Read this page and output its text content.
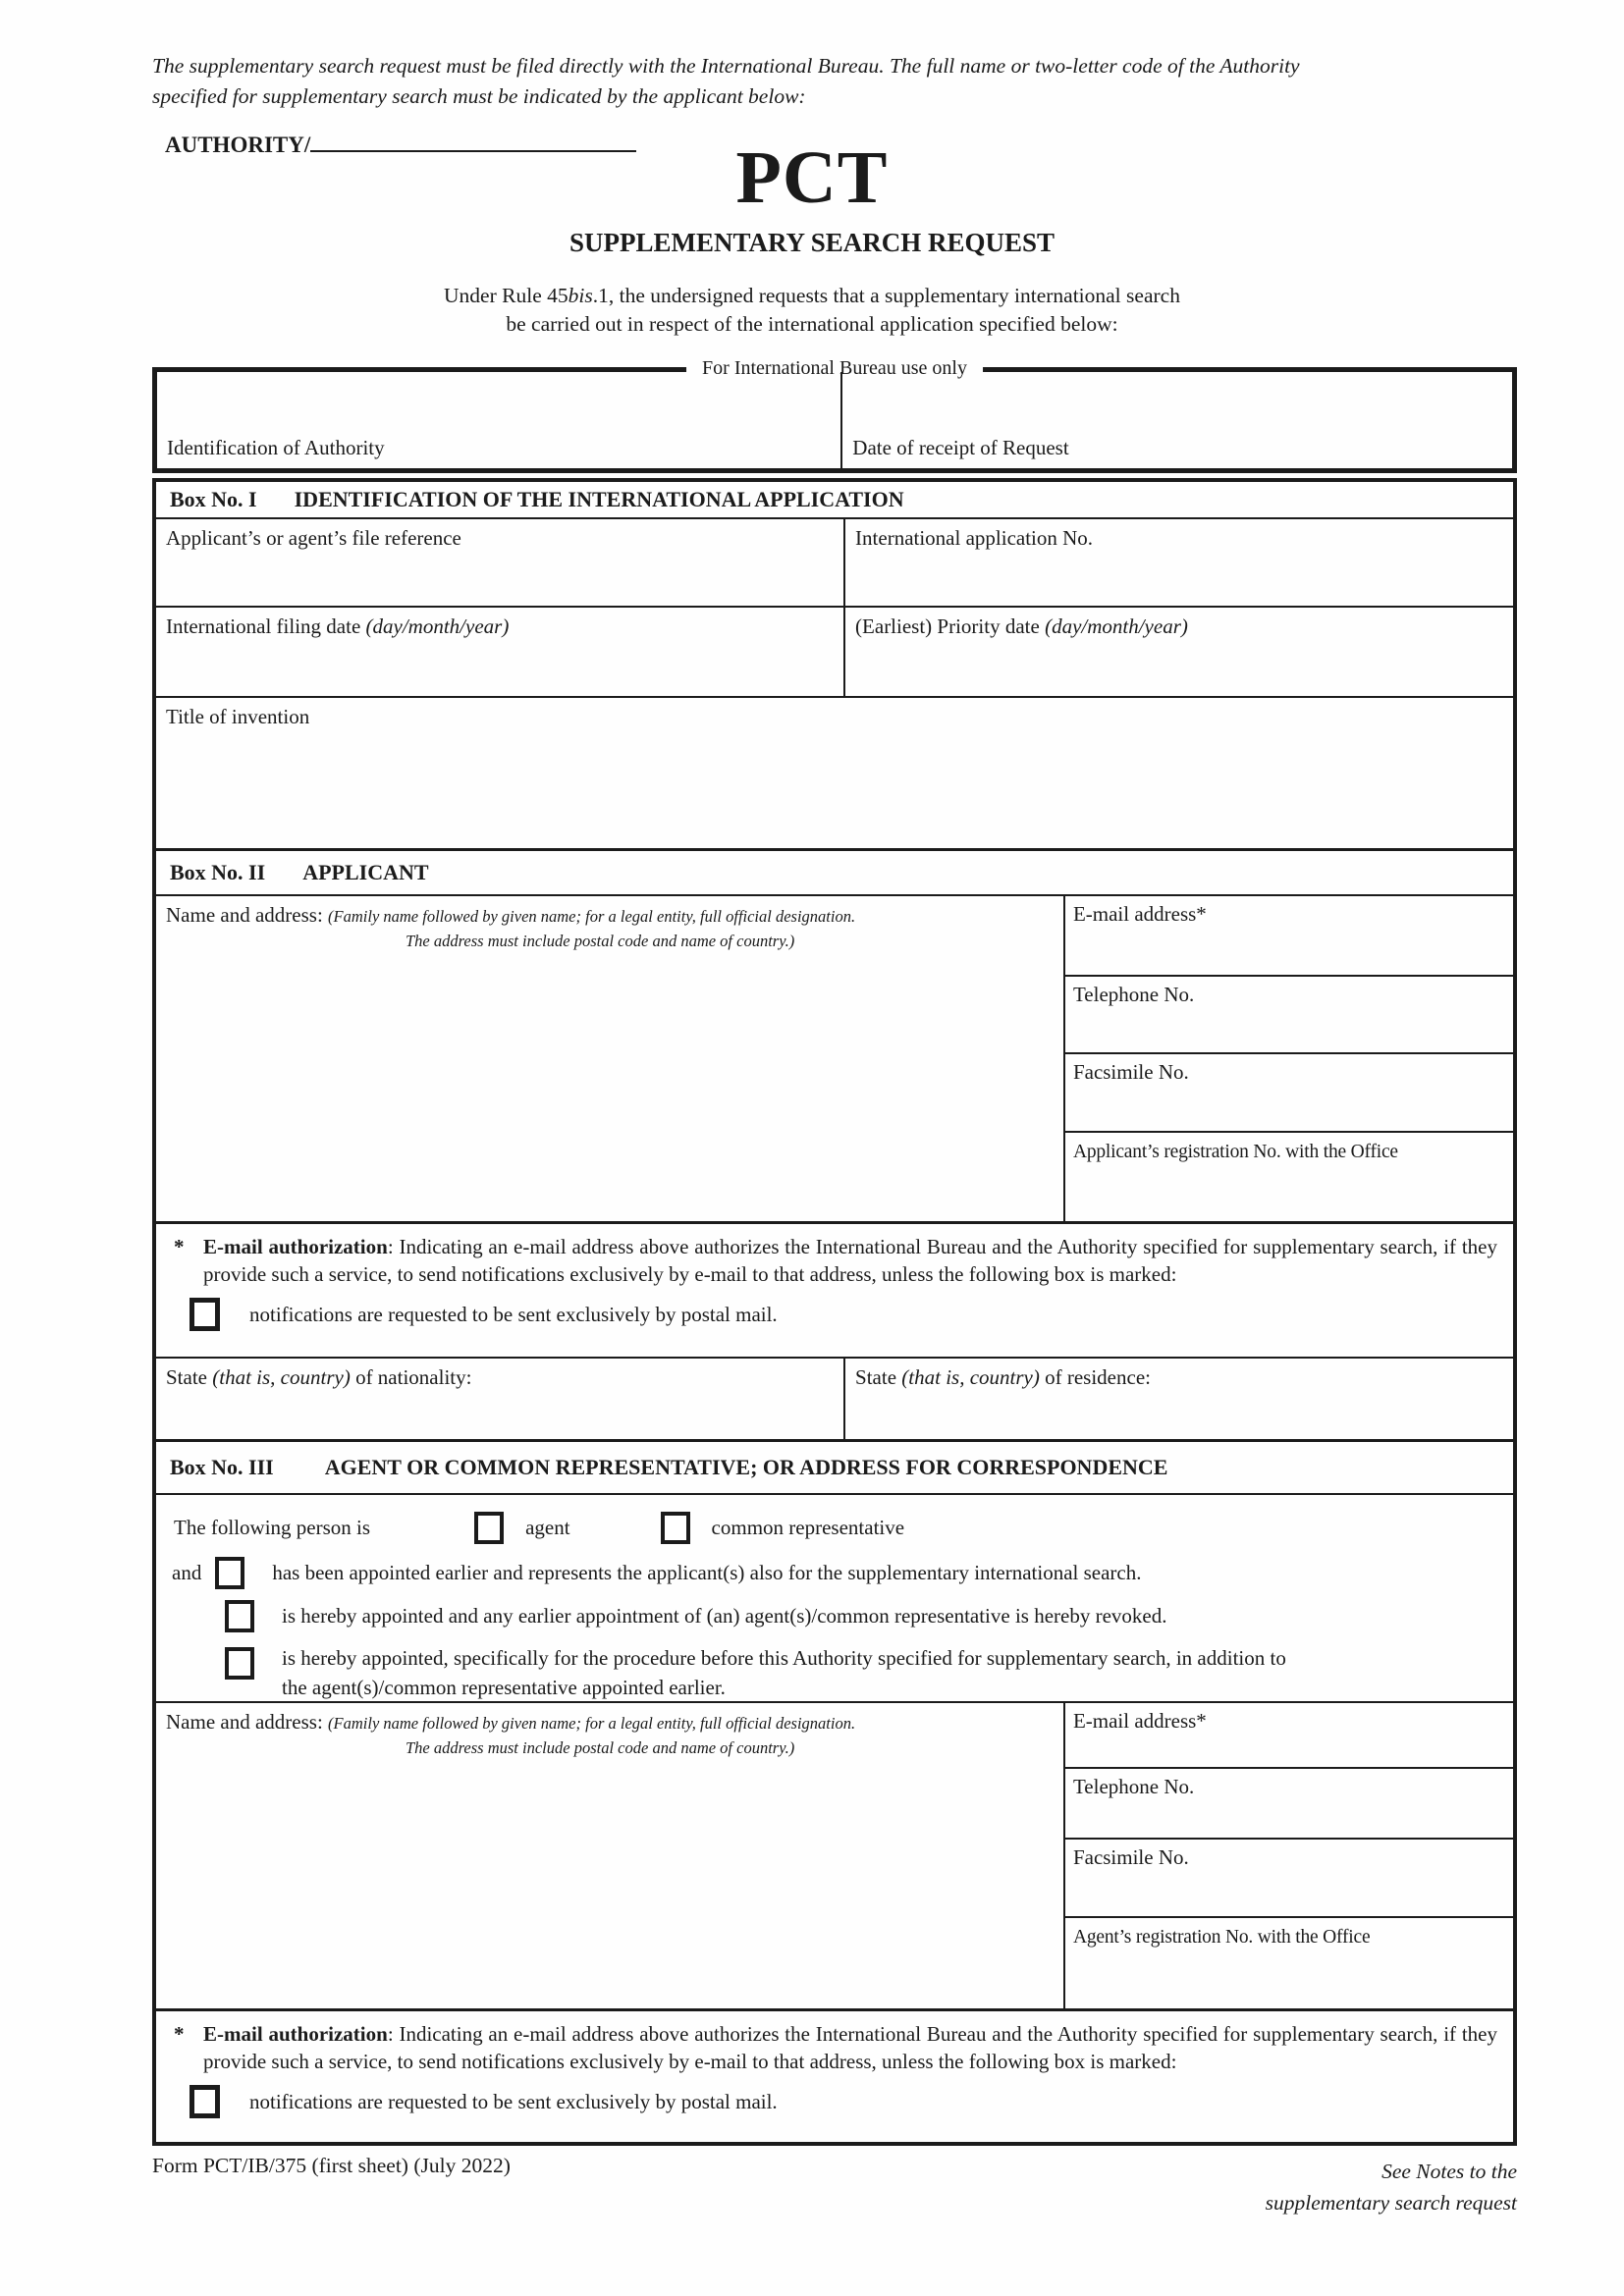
The supplementary search request must be filed directly with the International Bureau. The full name or two-letter code of the Authority
specified for supplementary search must be indicated by the applicant below:
AUTHORITY/	PCT
SUPPLEMENTARY SEARCH REQUEST
Under Rule 45bis.1, the undersigned requests that a supplementary international search
be carried out in respect of the international application specified below:
For International Bureau use only
Identification of Authority	Date of receipt of Request
Box No. I IDENTIFICATION OF THE INTERNATIONAL APPLICATION
Applicant’s or agent’s file reference	International application No.
International filing date (day/month/year)	(Earliest) Priority date (day/month/year)
Title of invention
Box No. II APPLICANT
Name and address: (Family name followed by given name; for a legal entity, full official designation.
The address must include postal code and name of country.)
E-mail address*
Telephone No.
Facsimile No.
Applicant’s registration No. with the Office
* E-mail authorization: Indicating an e-mail address above authorizes the International Bureau and the Authority specified for supplementary search, if they provide such a service, to send notifications exclusively by e-mail to that address, unless the following box is marked:
notifications are requested to be sent exclusively by postal mail.
State (that is, country) of nationality:	State (that is, country) of residence:
Box No. III AGENT OR COMMON REPRESENTATIVE; OR ADDRESS FOR CORRESPONDENCE
The following person is	agent	common representative
and	has been appointed earlier and represents the applicant(s) also for the supplementary international search.
is hereby appointed and any earlier appointment of (an) agent(s)/common representative is hereby revoked.
is hereby appointed, specifically for the procedure before this Authority specified for supplementary search, in addition to
the agent(s)/common representative appointed earlier.
Name and address: (Family name followed by given name; for a legal entity, full official designation.
The address must include postal code and name of country.)
E-mail address*
Telephone No.
Facsimile No.
Agent’s registration No. with the Office
* E-mail authorization: Indicating an e-mail address above authorizes the International Bureau and the Authority specified for supplementary search, if they provide such a service, to send notifications exclusively by e-mail to that address, unless the following box is marked:
notifications are requested to be sent exclusively by postal mail.
Form PCT/IB/375 (first sheet) (July 2022)	See Notes to the
supplementary search request
